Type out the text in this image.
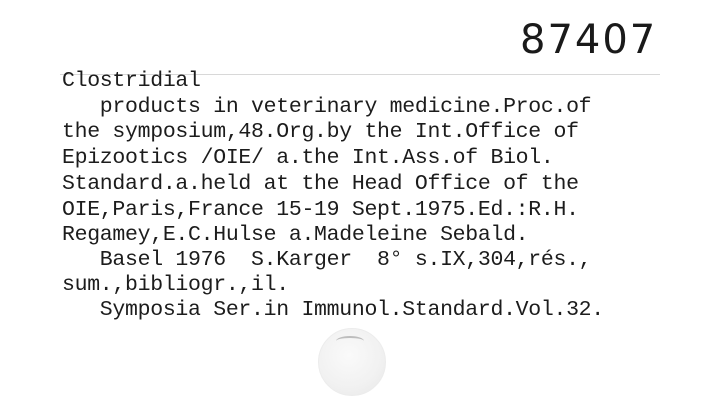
87407
Clostridial
products in veterinary medicine.Proc.of
the symposium,48.Org.by the Int.Office of
Epizootics /OIE/ a.the Int.Ass.of Biol.
Standard.a.held at the Head Office of the
OIE,Paris,France 15-19 Sept.1975.Ed.:R.H.
Regamey,E.C.Hulse a.Madeleine Sebald.
Basel 1976  S.Karger  8° s.IX,304,rés.,
sum.,bibliogr.,il.
Symposia Ser.in Immunol.Standard.Vol.32.
